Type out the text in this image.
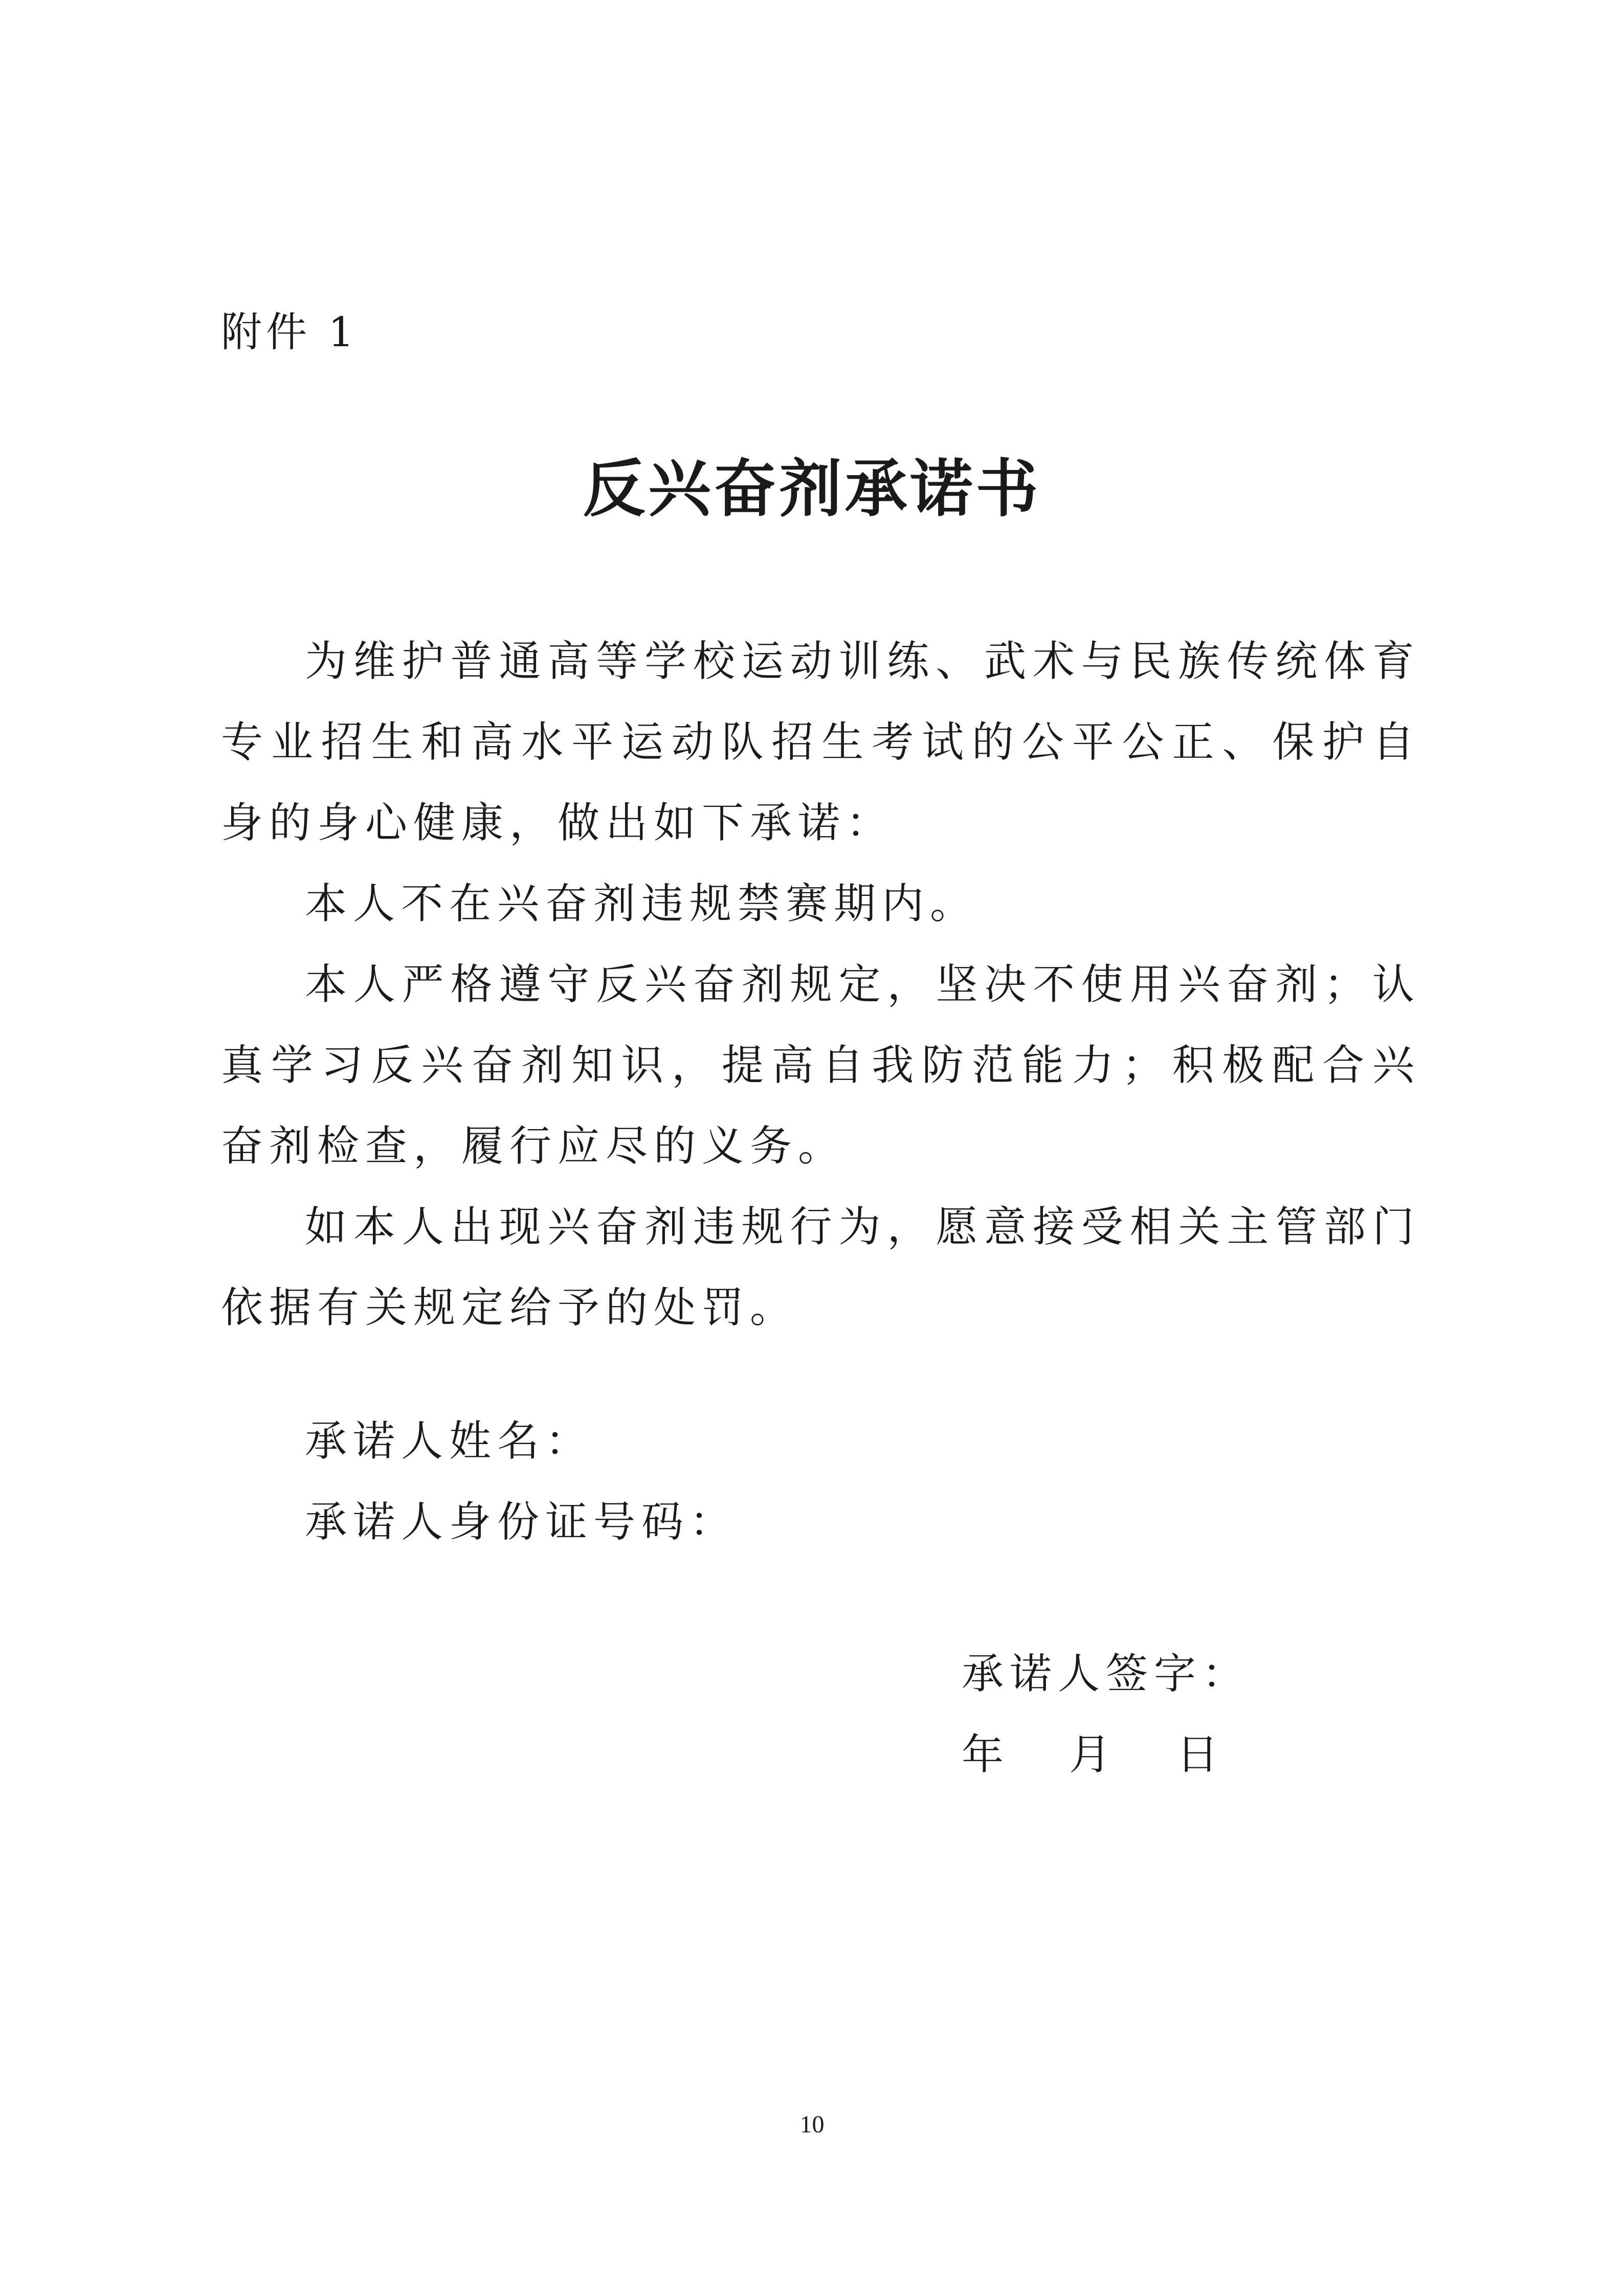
附件 1
反兴奋剂承诺书

为维护普通高等学校运动训练、武术与民族传统体育专业招生和高水平运动队招生考试的公平公正、保护自身的身心健康，做出如下承诺：

本人不在兴奋剂违规禁赛期内。

本人严格遵守反兴奋剂规定，坚决不使用兴奋剂；认真学习反兴奋剂知识，提高自我防范能力；积极配合兴奋剂检查，履行应尽的义务。

如本人出现兴奋剂违规行为，愿意接受相关主管部门依据有关规定给予的处罚。

承诺人姓名：

承诺人身份证号码：

承诺人签字：
年	月	日
10
